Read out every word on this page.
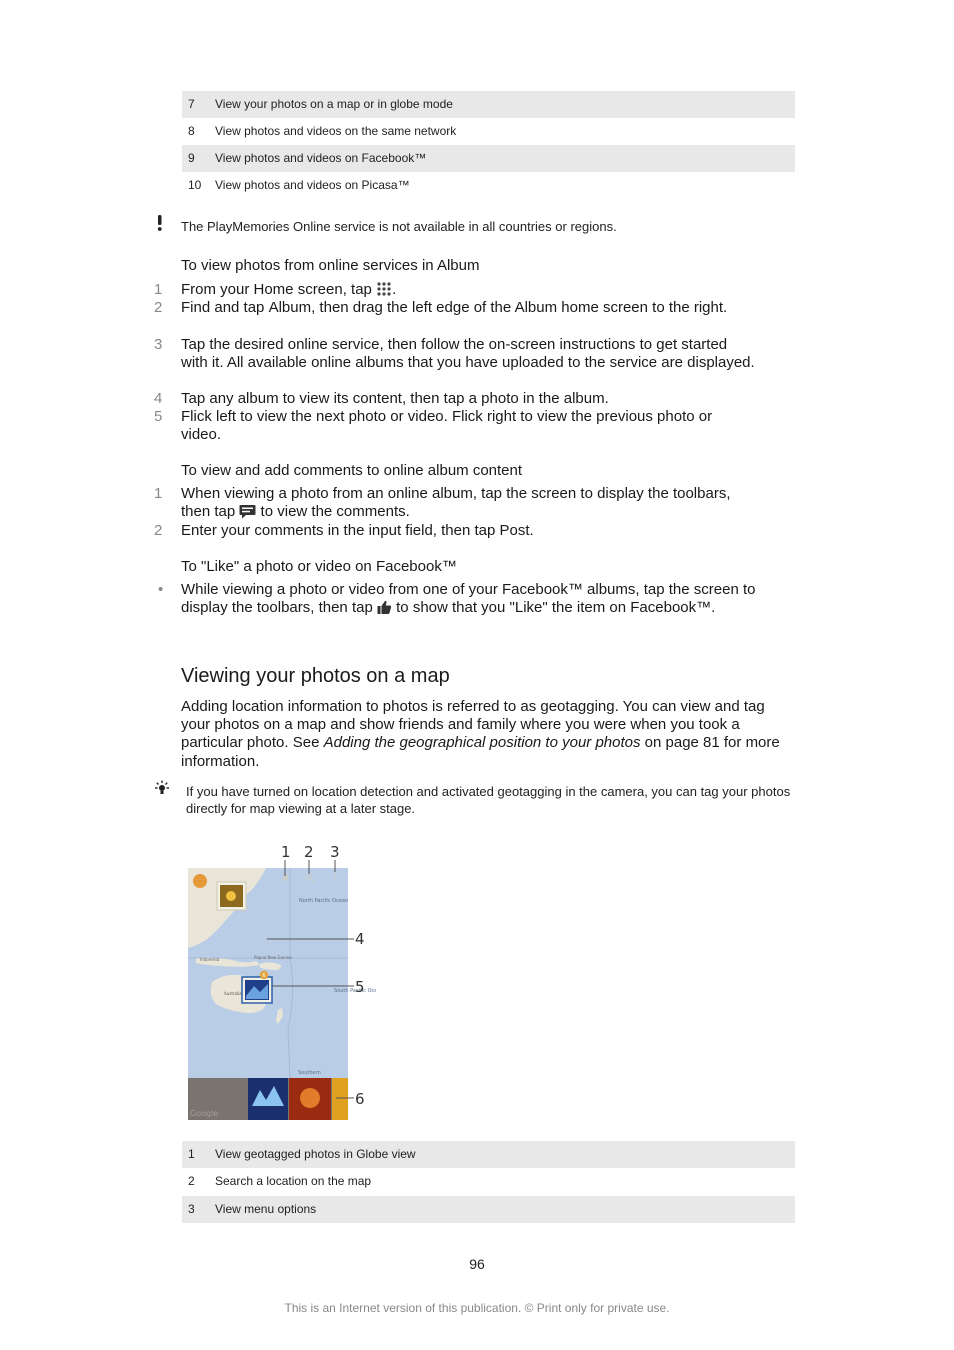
7 View your photos on a map or in globe mode
8 View photos and videos on the same network
9 View photos and videos on Facebook™
10 View photos and videos on Picasa™
The PlayMemories Online service is not available in all countries or regions.
To view photos from online services in Album
1	From your Home screen, tap .
2	Find and tap Album, then drag the left edge of the Album home screen to the right.
3	Tap the desired online service, then follow the on-screen instructions to get started with it. All available online albums that you have uploaded to the service are displayed.
4	Tap any album to view its content, then tap a photo in the album.
5	Flick left to view the next photo or video. Flick right to view the previous photo or video.
To view and add comments to online album content
1	When viewing a photo from an online album, tap the screen to display the toolbars, then tap  to view the comments.
2	Enter your comments in the input field, then tap Post.
To "Like" a photo or video on Facebook™
•	While viewing a photo or video from one of your Facebook™ albums, tap the screen to display the toolbars, then tap  to show that you "Like" the item on Facebook™.
Viewing your photos on a map
Adding location information to photos is referred to as geotagging. You can view and tag your photos on a map and show friends and family where you were when you took a particular photo. See Adding the geographical position to your photos on page 81 for more information.
If you have turned on location detection and activated geotagging in the camera, you can tag your photos directly for map viewing at a later stage.
North Pacific Ocean
Indonesia	Papua New Guinea
Australia	South Pacific Oc
Southern
6
Google
1 2 3
4
5
6
1 View geotagged photos in Globe view
2 Search a location on the map
3 View menu options
96
This is an Internet version of this publication. © Print only for private use.
